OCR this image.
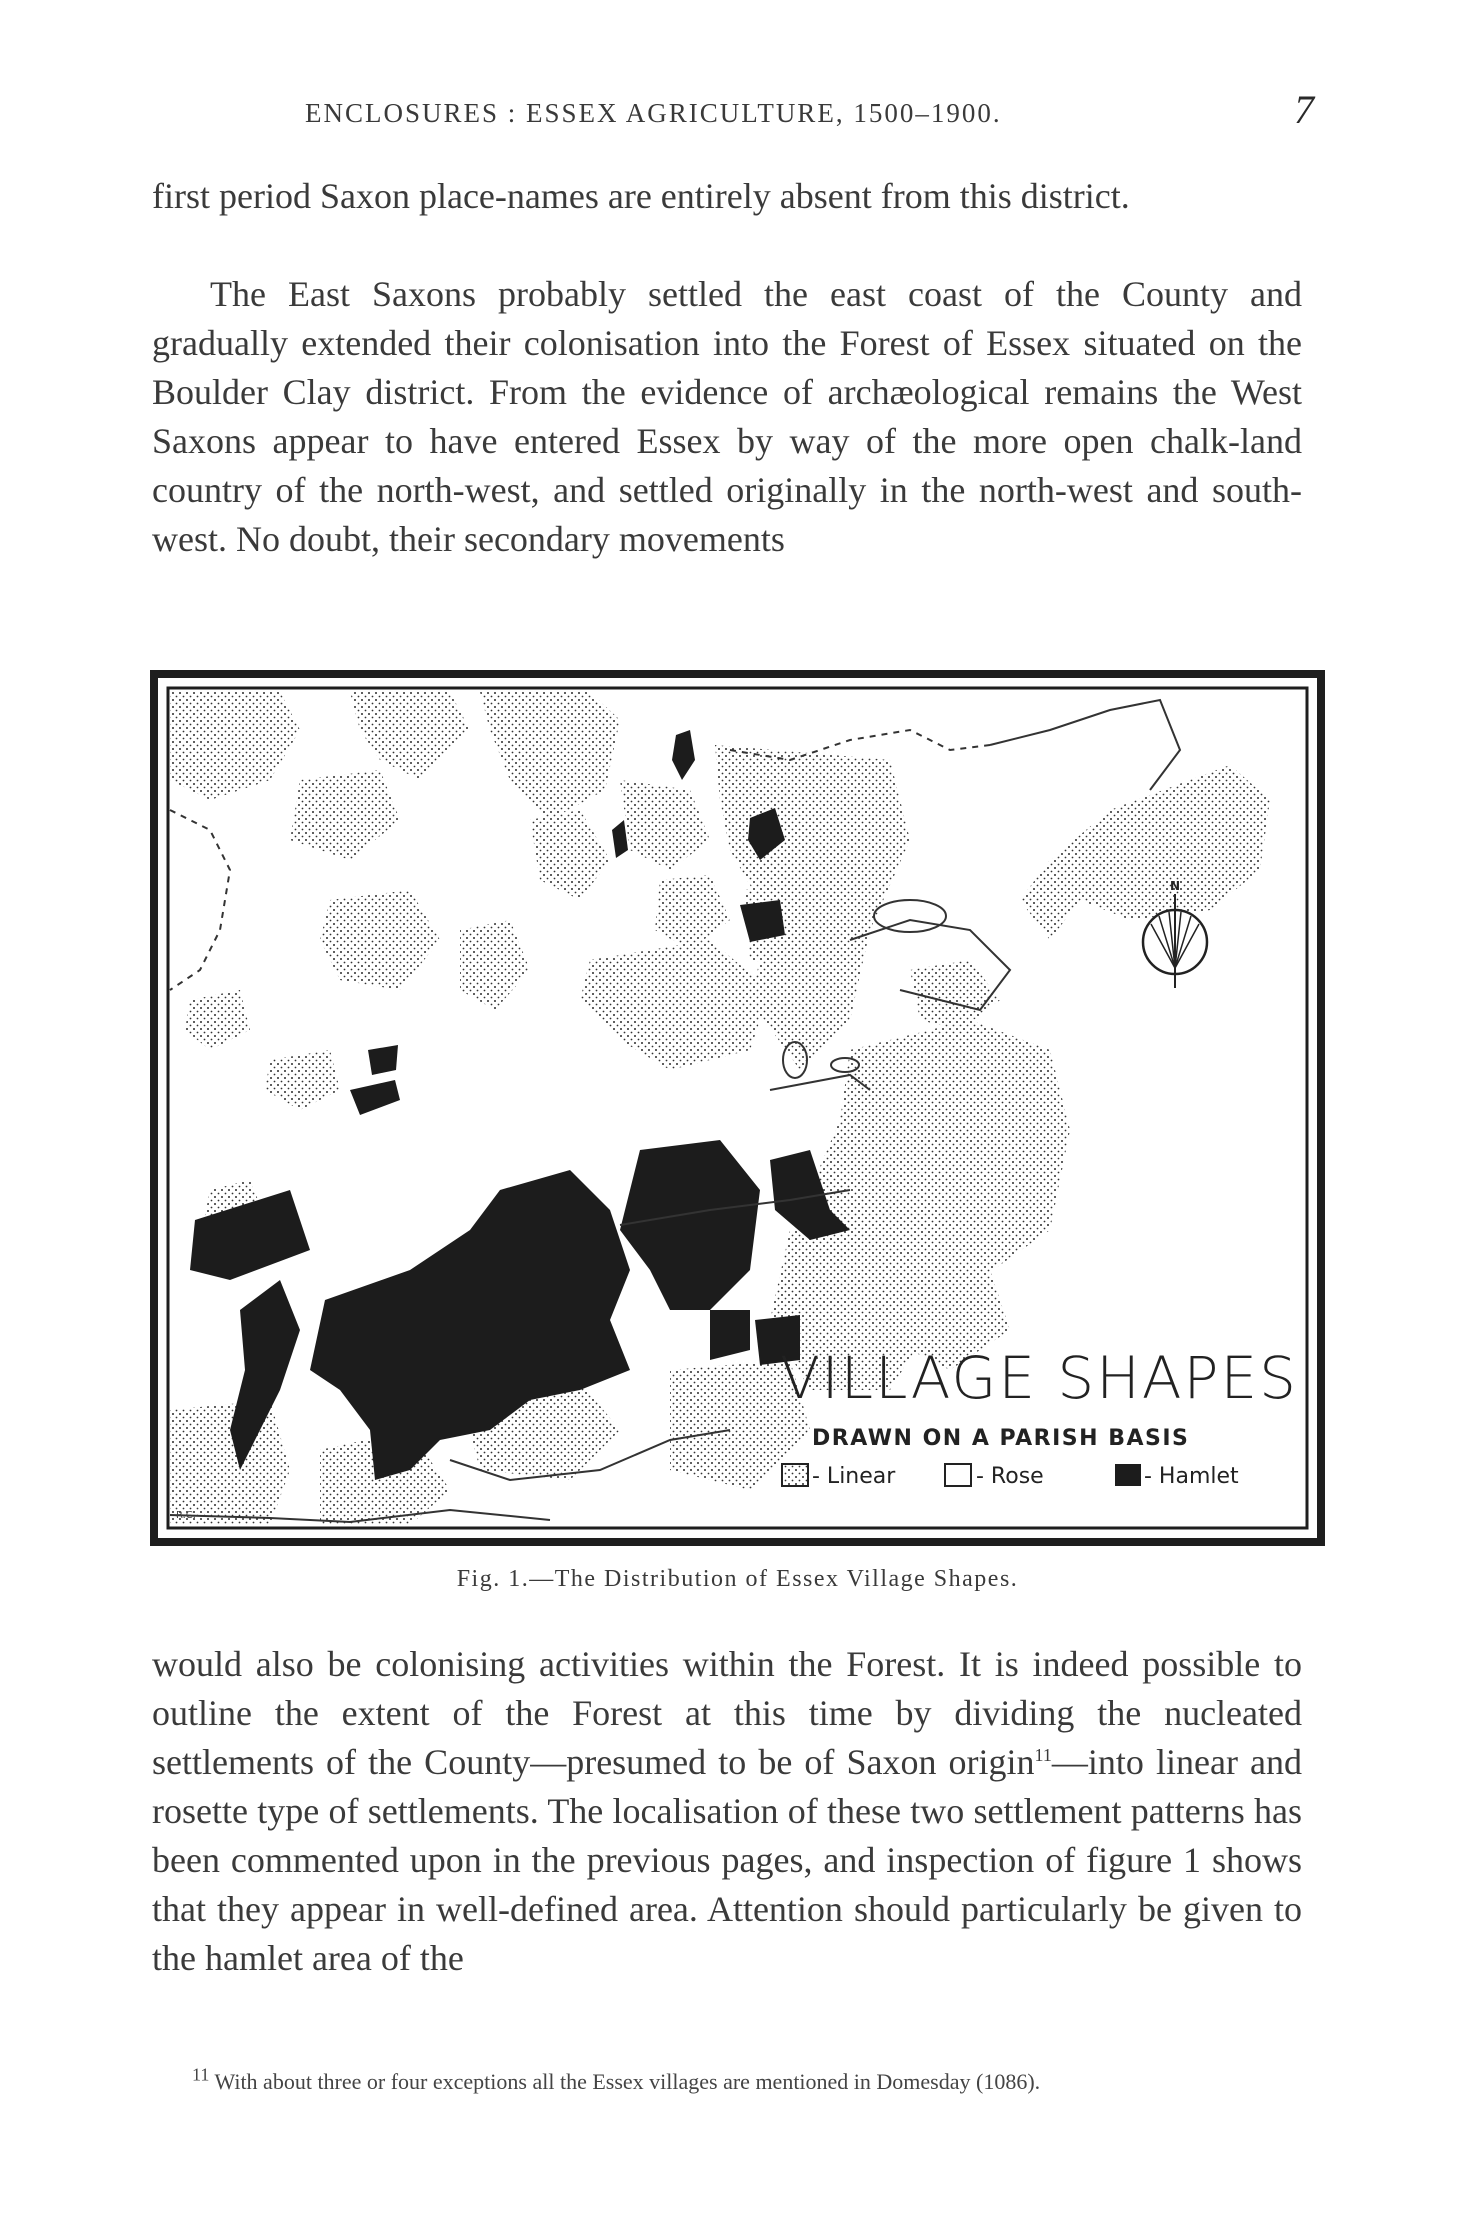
ENCLOSURES : ESSEX AGRICULTURE, 1500–1900.	7

first period Saxon place-names are entirely absent from this district.

The East Saxons probably settled the east coast of the County and gradually extended their colonisation into the Forest of Essex situated on the Boulder Clay district. From the evidence of archæological remains the West Saxons appear to have entered Essex by way of the more open chalk-land country of the north-west, and settled originally in the north-west and south-west. No doubt, their secondary movements

N
VILLAGE SHAPES
DRAWN ON A PARISH BASIS
- Linear	- Rose	- Hamlet
R.C.
Fig. 1.—The Distribution of Essex Village Shapes.

would also be colonising activities within the Forest. It is indeed possible to outline the extent of the Forest at this time by dividing the nucleated settlements of the County—presumed to be of Saxon origin$^{11}$—into linear and rosette type of settlements. The localisation of these two settlement patterns has been commented upon in the previous pages, and inspection of figure 1 shows that they appear in well-defined area. Attention should particularly be given to the hamlet area of the

$^{11}$ With about three or four exceptions all the Essex villages are mentioned in Domesday (1086).
